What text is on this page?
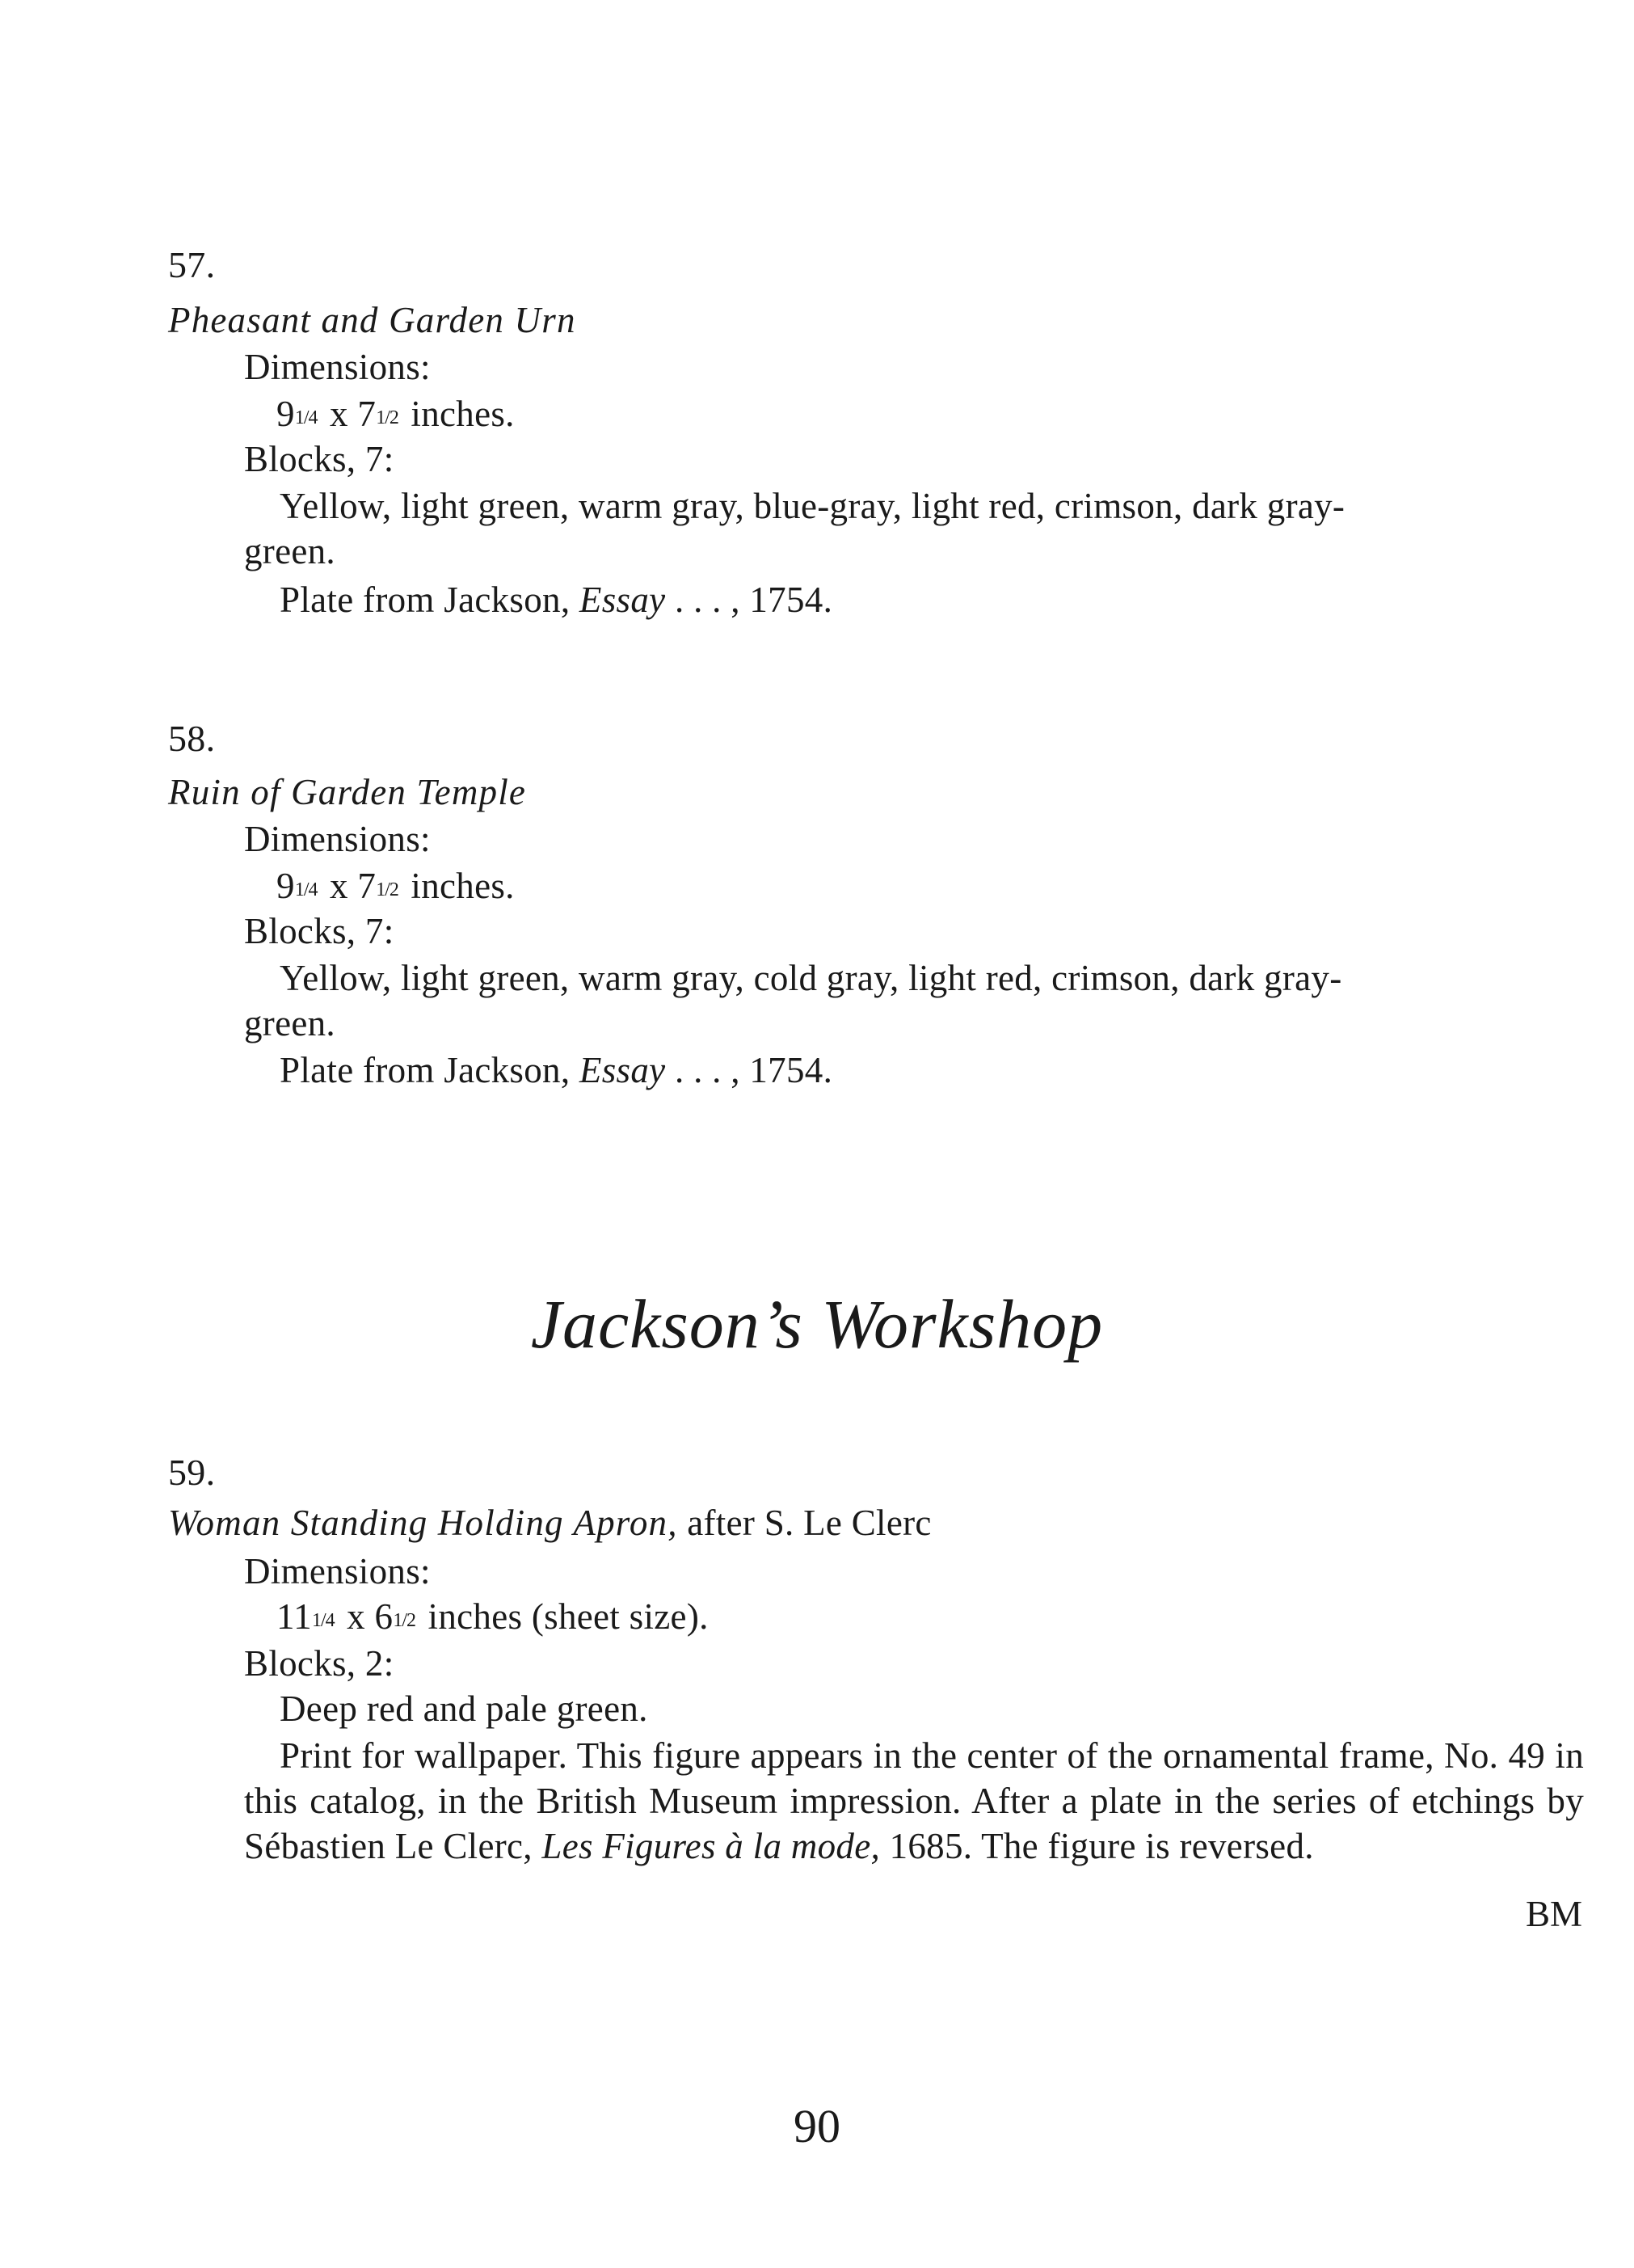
57.
Pheasant and Garden Urn
Dimensions:
91/4 x 71/2 inches.
Blocks, 7:
Yellow, light green, warm gray, blue-gray, light red, crimson, dark gray-
green.
Plate from Jackson, Essay . . . , 1754.
58.
Ruin of Garden Temple
Dimensions:
91/4 x 71/2 inches.
Blocks, 7:
Yellow, light green, warm gray, cold gray, light red, crimson, dark gray-
green.
Plate from Jackson, Essay . . . , 1754.
Jackson’s Workshop
59.
Woman Standing Holding Apron, after S. Le Clerc
Dimensions:
111/4 x 61/2 inches (sheet size).
Blocks, 2:
Deep red and pale green.
Print for wallpaper. This figure appears in the center of the ornamental frame, No. 49 in this catalog, in the British Museum impression. After a plate in the series of etchings by Sébastien Le Clerc, Les Figures à la mode, 1685. The figure is reversed.
BM
90
